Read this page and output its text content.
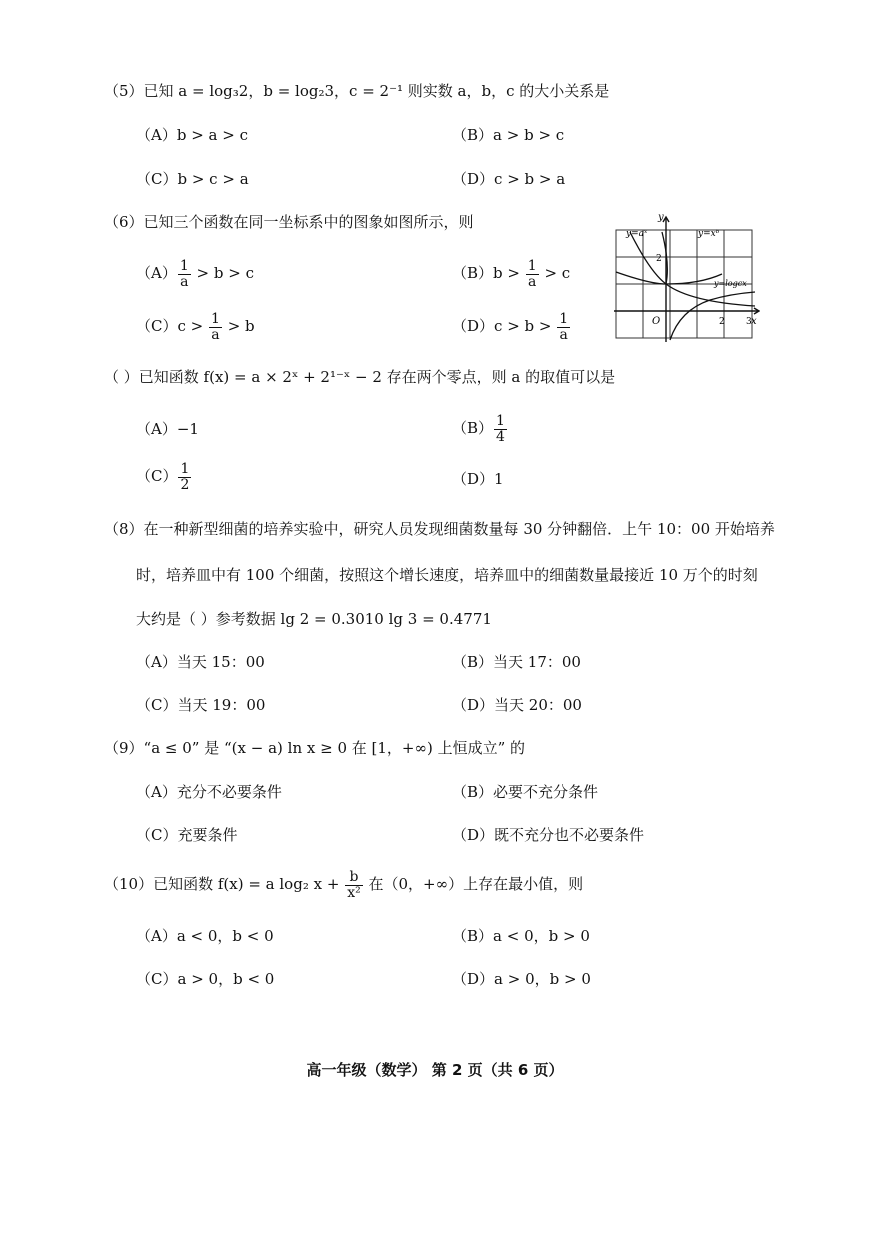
（5）已知 a = log₃2，b = log₂3，c = 2⁻¹ 则实数 a，b，c 的大小关系是
（A）b > a > c	（B）a > b > c
（C）b > c > a	（D）c > b > a
（6）已知三个函数在同一坐标系中的图象如图所示，则
$(A) \frac{1}{a} > b > c$	$(B)b > \frac{1}{a} > c$
$(C)c > \frac{1}{a} > b$	$(D)c > b > \frac{1}{a}$
y=aˣ	y=xᵇ
y=logcx
y
x
O
2
2 3
（ ）已知函数 f(x) = a × 2ˣ + 2¹⁻ˣ − 2 存在两个零点，则 a 的取值可以是
（A）−1	$(B) \frac{1}{4}$
$(C) \frac{1}{2}$	（D）1
（8）在一种新型细菌的培养实验中，研究人员发现细菌数量每 30 分钟翻倍．上午 10：00 开始培养
时，培养皿中有 100 个细菌，按照这个增长速度，培养皿中的细菌数量最接近 10 万个的时刻
大约是（ ）参考数据 lg 2 = 0.3010 lg 3 = 0.4771
（A）当天 15：00	（B）当天 17：00
（C）当天 19：00	（D）当天 20：00
（9）“a ≤ 0” 是 “(x − a) ln x ≥ 0 在 [1，+∞) 上恒成立” 的
（A）充分不必要条件	（B）必要不充分条件
（C）充要条件	（D）既不充分也不必要条件
（10）已知函数 f(x) = a log₂ $x + \frac{b}{\text{x²}}$ 在（0，+∞）上存在最小值，则
（A）a < 0，b < 0	（B）a < 0，b > 0
（C）a > 0，b < 0	（D）a > 0，b > 0
高一年级（数学） 第 2 页（共 6 页）
